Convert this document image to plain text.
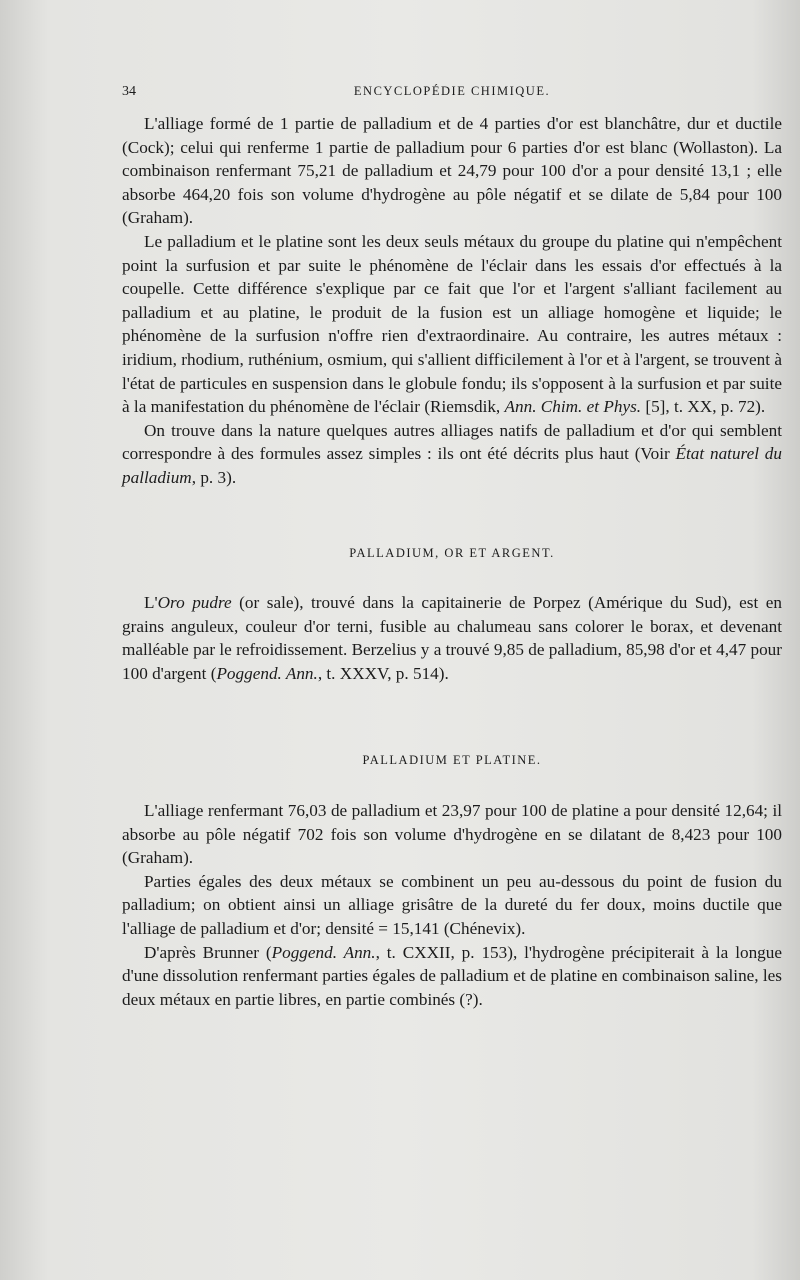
34	ENCYCLOPÉDIE CHIMIQUE.

L'alliage formé de 1 partie de palladium et de 4 parties d'or est blanchâtre, dur et ductile (Cock); celui qui renferme 1 partie de palladium pour 6 parties d'or est blanc (Wollaston). La combinaison renfermant 75,21 de palladium et 24,79 pour 100 d'or a pour densité 13,1 ; elle absorbe 464,20 fois son volume d'hydrogène au pôle négatif et se dilate de 5,84 pour 100 (Graham).

Le palladium et le platine sont les deux seuls métaux du groupe du platine qui n'empêchent point la surfusion et par suite le phénomène de l'éclair dans les essais d'or effectués à la coupelle. Cette différence s'explique par ce fait que l'or et l'argent s'alliant facilement au palladium et au platine, le produit de la fusion est un alliage homogène et liquide; le phénomène de la surfusion n'offre rien d'extraordinaire. Au contraire, les autres métaux : iridium, rhodium, ruthénium, osmium, qui s'allient difficilement à l'or et à l'argent, se trouvent à l'état de particules en suspension dans le globule fondu; ils s'opposent à la surfusion et par suite à la manifestation du phénomène de l'éclair (Riemsdik, Ann. Chim. et Phys. [5], t. XX, p. 72).

On trouve dans la nature quelques autres alliages natifs de palladium et d'or qui semblent correspondre à des formules assez simples : ils ont été décrits plus haut (Voir État naturel du palladium, p. 3).

PALLADIUM, OR ET ARGENT.

L'Oro pudre (or sale), trouvé dans la capitainerie de Porpez (Amérique du Sud), est en grains anguleux, couleur d'or terni, fusible au chalumeau sans colorer le borax, et devenant malléable par le refroidissement. Berzelius y a trouvé 9,85 de palladium, 85,98 d'or et 4,47 pour 100 d'argent (Poggend. Ann., t. XXXV, p. 514).

PALLADIUM ET PLATINE.

L'alliage renfermant 76,03 de palladium et 23,97 pour 100 de platine a pour densité 12,64; il absorbe au pôle négatif 702 fois son volume d'hydrogène en se dilatant de 8,423 pour 100 (Graham).

Parties égales des deux métaux se combinent un peu au-dessous du point de fusion du palladium; on obtient ainsi un alliage grisâtre de la dureté du fer doux, moins ductile que l'alliage de palladium et d'or; densité = 15,141 (Chénevix).

D'après Brunner (Poggend. Ann., t. CXXII, p. 153), l'hydrogène précipiterait à la longue d'une dissolution renfermant parties égales de palladium et de platine en combinaison saline, les deux métaux en partie libres, en partie combinés (?).
